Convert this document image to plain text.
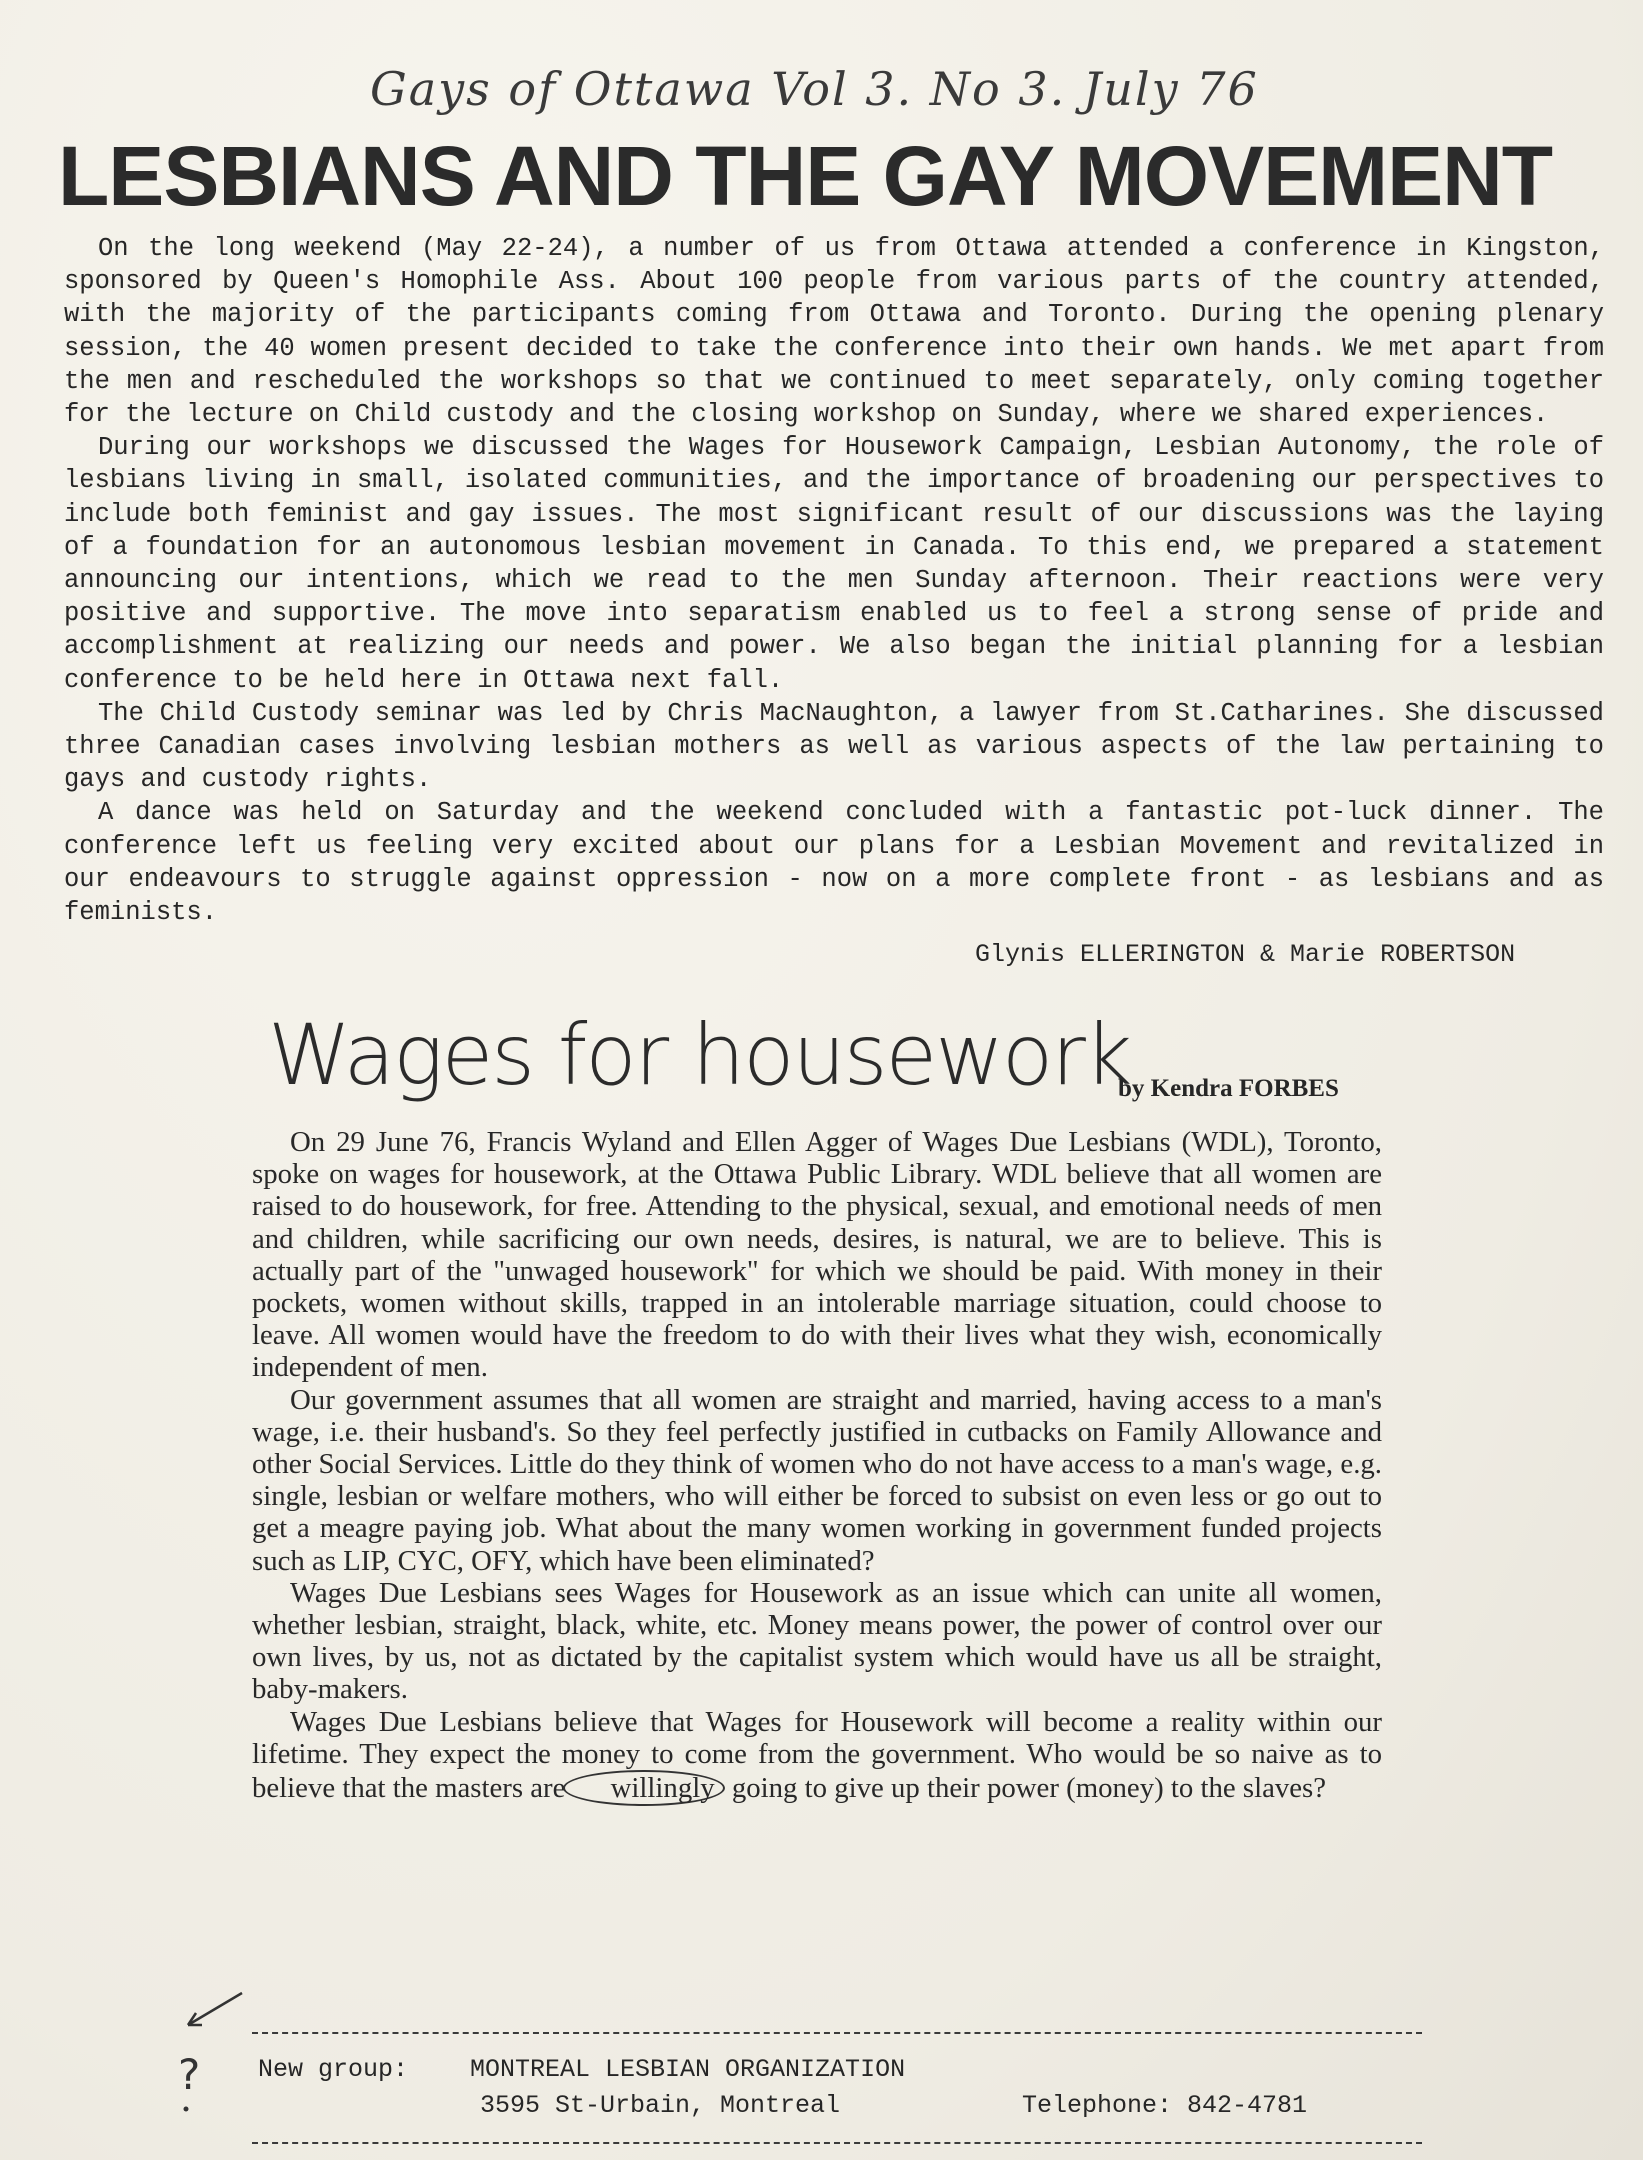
Gays of Ottawa Vol 3. No 3. July 76
LESBIANS AND THE GAY MOVEMENT

On the long weekend (May 22-24), a number of us from Ottawa attended a conference in Kingston, sponsored by Queen's Homophile Ass. About 100 people from various parts of the country attended, with the majority of the participants coming from Ottawa and Toronto. During the opening plenary session, the 40 women present decided to take the conference into their own hands. We met apart from the men and rescheduled the workshops so that we continued to meet separately, only coming together for the lecture on Child custody and the closing workshop on Sunday, where we shared experiences.

During our workshops we discussed the Wages for Housework Campaign, Lesbian Autonomy, the role of lesbians living in small, isolated communities, and the importance of broadening our perspectives to include both feminist and gay issues. The most significant result of our discussions was the laying of a foundation for an autonomous lesbian movement in Canada. To this end, we prepared a statement announcing our intentions, which we read to the men Sunday afternoon. Their reactions were very positive and supportive. The move into separatism enabled us to feel a strong sense of pride and accomplishment at realizing our needs and power. We also began the initial planning for a lesbian conference to be held here in Ottawa next fall.

The Child Custody seminar was led by Chris MacNaughton, a lawyer from St.Catharines. She discussed three Canadian cases involving lesbian mothers as well as various aspects of the law pertaining to gays and custody rights.

A dance was held on Saturday and the weekend concluded with a fantastic pot-luck dinner. The conference left us feeling very excited about our plans for a Lesbian Movement and revitalized in our endeavours to struggle against oppression - now on a more complete front - as lesbians and as feminists.

Glynis ELLERINGTON & Marie ROBERTSON
Wages for housework
by Kendra FORBES

On 29 June 76, Francis Wyland and Ellen Agger of Wages Due Lesbians (WDL), Toronto, spoke on wages for housework, at the Ottawa Public Library. WDL believe that all women are raised to do housework, for free. Attending to the physical, sexual, and emotional needs of men and children, while sacrificing our own needs, desires, is natural, we are to believe. This is actually part of the "unwaged housework" for which we should be paid. With money in their pockets, women without skills, trapped in an intolerable marriage situation, could choose to leave. All women would have the freedom to do with their lives what they wish, economically independent of men.

Our government assumes that all women are straight and married, having access to a man's wage, i.e. their husband's. So they feel perfectly justified in cutbacks on Family Allowance and other Social Services. Little do they think of women who do not have access to a man's wage, e.g. single, lesbian or welfare mothers, who will either be forced to subsist on even less or go out to get a meagre paying job. What about the many women working in government funded projects such as LIP, CYC, OFY, which have been eliminated?

Wages Due Lesbians sees Wages for Housework as an issue which can unite all women, whether lesbian, straight, black, white, etc. Money means power, the power of control over our own lives, by us, not as dictated by the capitalist system which would have us all be straight, baby-makers.

Wages Due Lesbians believe that Wages for Housework will become a reality within our lifetime. They expect the money to come from the government. Who would be so naive as to believe that the masters are willingly going to give up their power (money) to the slaves?

? New group: MONTREAL LESBIAN ORGANIZATION
3595 St-Urbain, Montreal	Telephone: 842-4781
